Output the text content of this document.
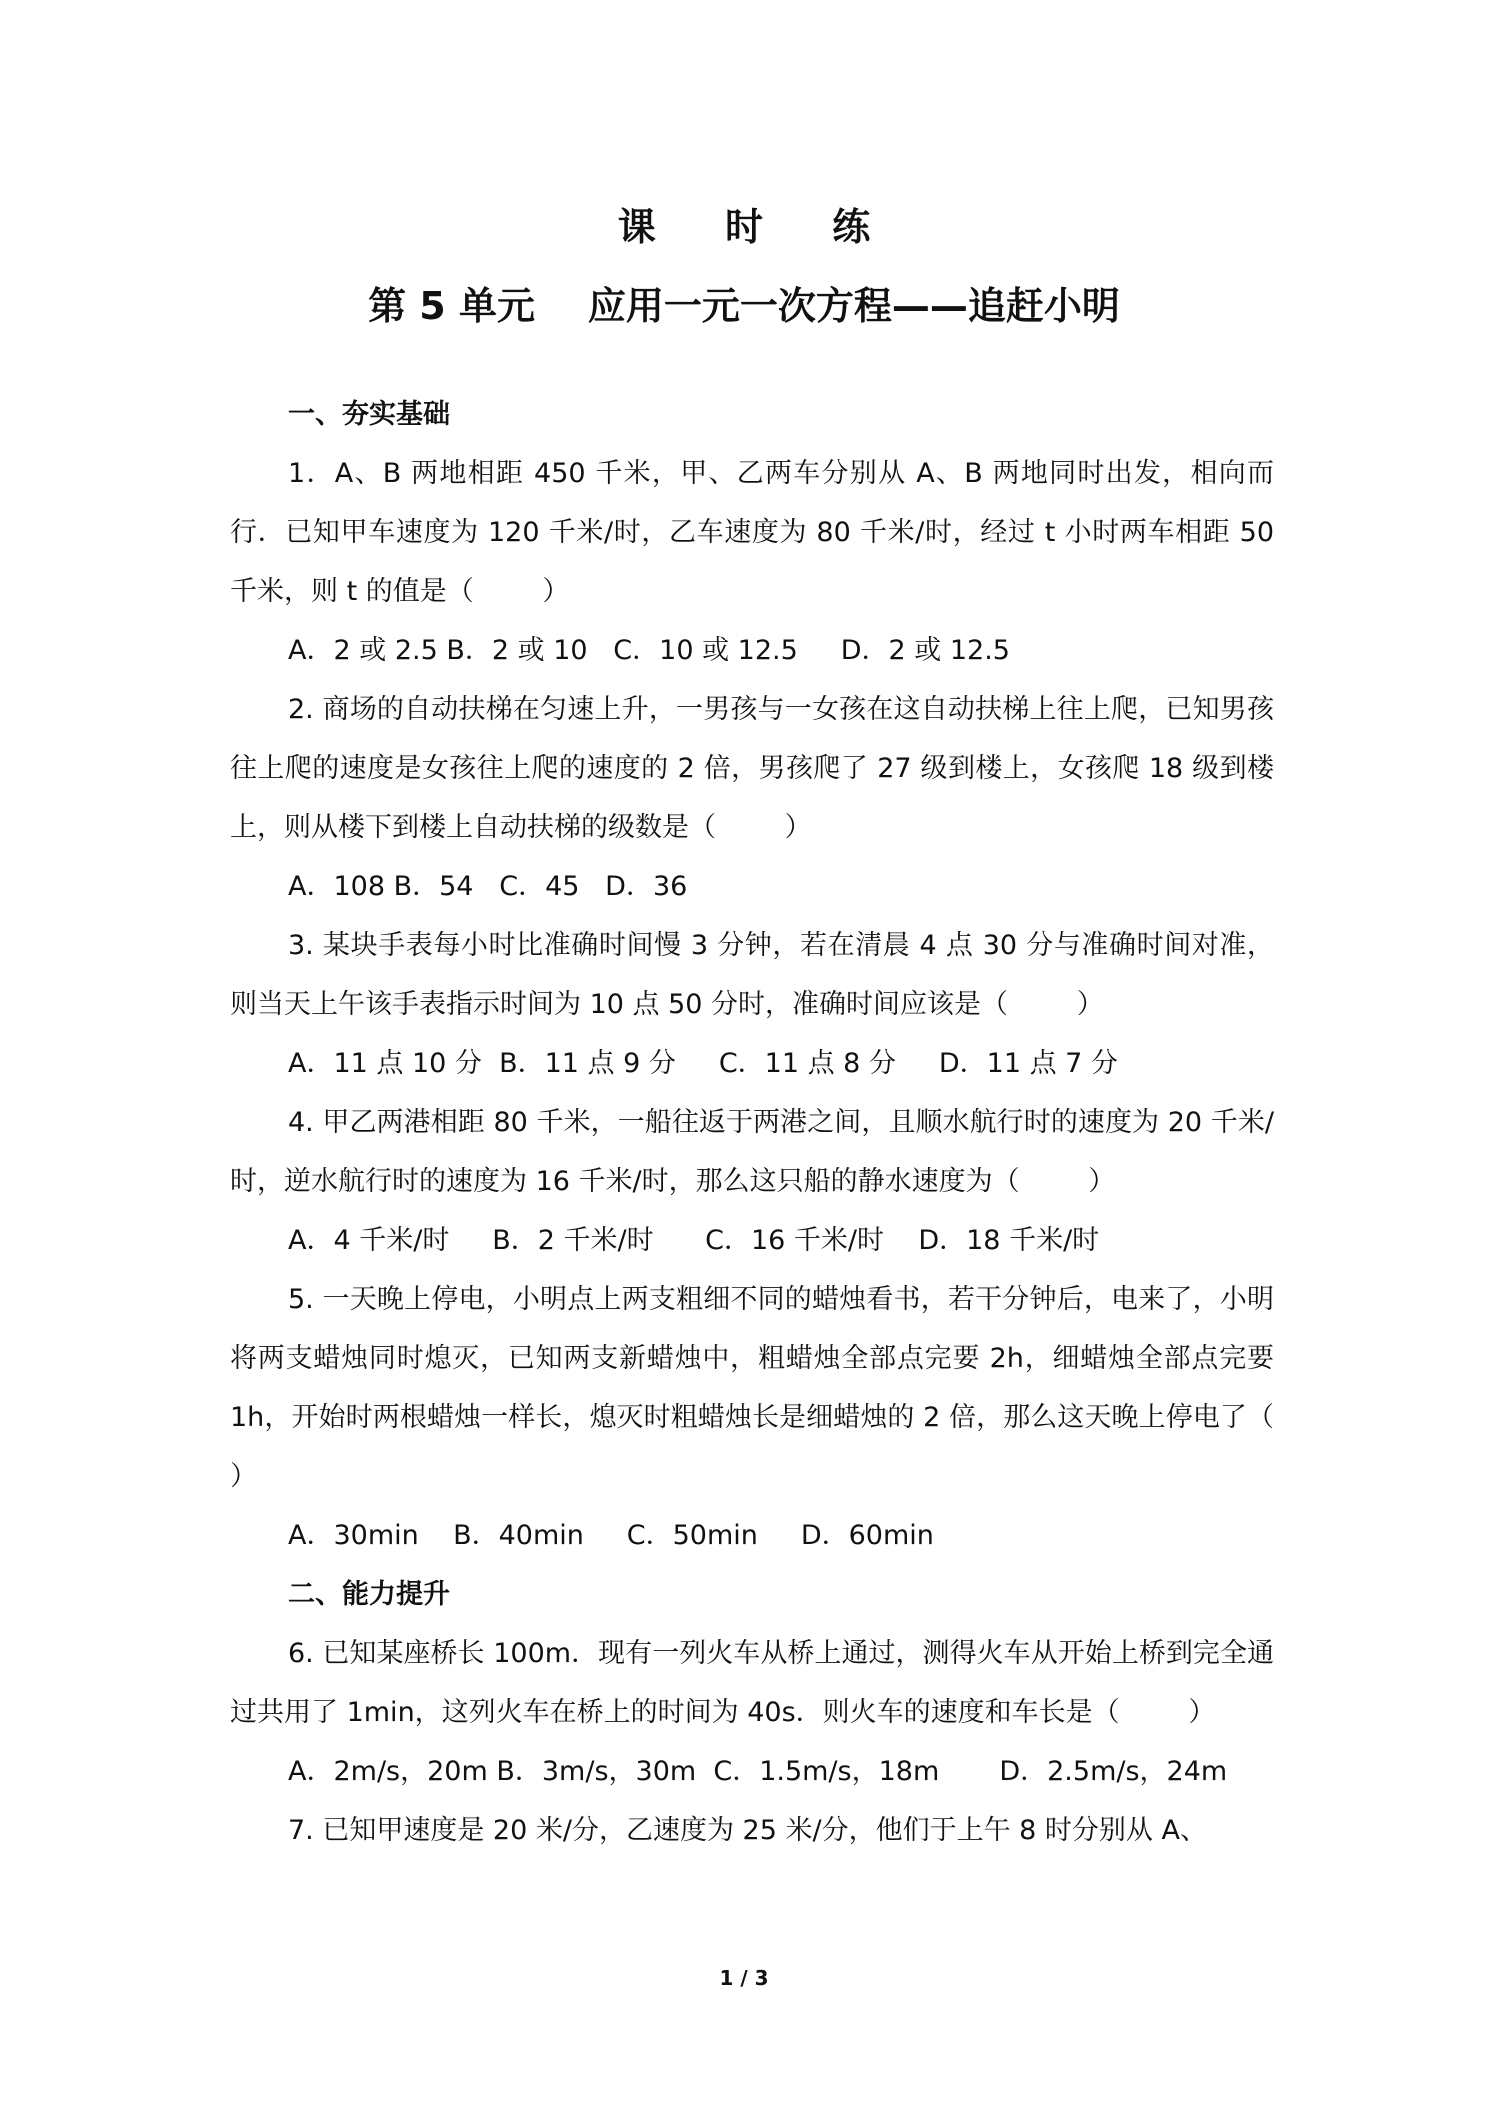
课 时 练
第 5 单元    应用一元一次方程——追赶小明
一、夯实基础
1．A、B 两地相距 450 千米，甲、乙两车分别从 A、B 两地同时出发，相向而行．已知甲车速度为 120 千米/时，乙车速度为 80 千米/时，经过 t 小时两车相距 50 千米，则 t 的值是（        ）
A．2 或 2.5 B．2 或 10   C．10 或 12.5     D．2 或 12.5
2. 商场的自动扶梯在匀速上升，一男孩与一女孩在这自动扶梯上往上爬，已知男孩往上爬的速度是女孩往上爬的速度的 2 倍，男孩爬了 27 级到楼上，女孩爬 18 级到楼上，则从楼下到楼上自动扶梯的级数是（        ）
A．108 B．54   C．45   D．36
3. 某块手表每小时比准确时间慢 3 分钟，若在清晨 4 点 30 分与准确时间对准，则当天上午该手表指示时间为 10 点 50 分时，准确时间应该是（        ）
A．11 点 10 分  B．11 点 9 分     C．11 点 8 分     D．11 点 7 分
4. 甲乙两港相距 80 千米，一船往返于两港之间，且顺水航行时的速度为 20 千米/时，逆水航行时的速度为 16 千米/时，那么这只船的静水速度为（        ）
A．4 千米/时     B．2 千米/时      C．16 千米/时    D．18 千米/时
5. 一天晚上停电，小明点上两支粗细不同的蜡烛看书，若干分钟后，电来了，小明将两支蜡烛同时熄灭，已知两支新蜡烛中，粗蜡烛全部点完要 2h，细蜡烛全部点完要 1h，开始时两根蜡烛一样长，熄灭时粗蜡烛长是细蜡烛的 2 倍，那么这天晚上停电了（        ）
A．30min    B．40min     C．50min     D．60min
二、能力提升
6. 已知某座桥长 100m．现有一列火车从桥上通过，测得火车从开始上桥到完全通过共用了 1min，这列火车在桥上的时间为 40s．则火车的速度和车长是（        ）
A．2m/s，20m B．3m/s，30m  C．1.5m/s，18m       D．2.5m/s，24m
7. 已知甲速度是 20 米/分，乙速度为 25 米/分，他们于上午 8 时分别从 A、
1 / 3
